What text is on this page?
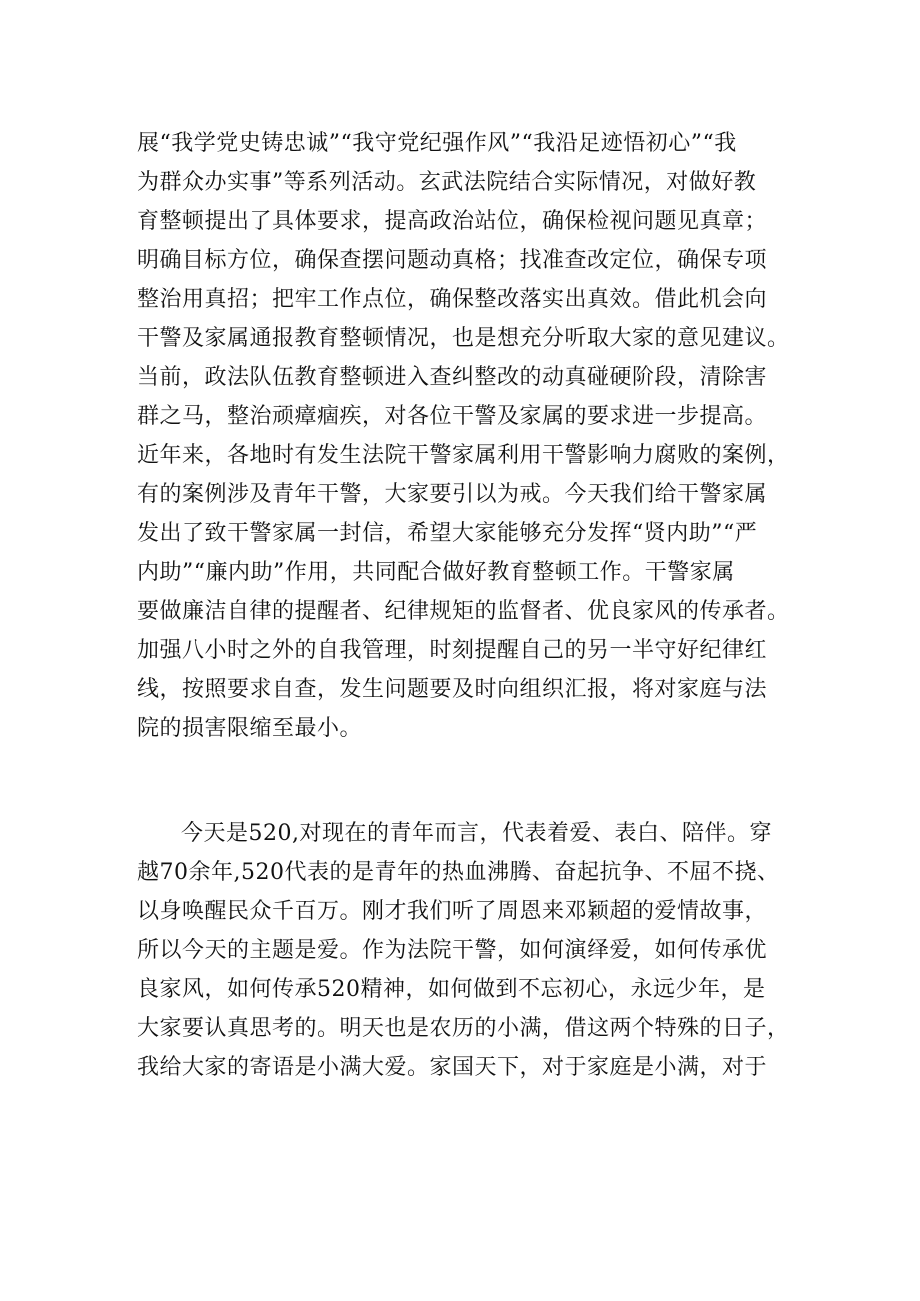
展“我学党史铸忠诚”“我守党纪强作风”“我沿足迹悟初心”“我
为群众办实事”等系列活动。玄武法院结合实际情况，对做好教
育整顿提出了具体要求，提高政治站位，确保检视问题见真章；
明确目标方位，确保查摆问题动真格；找准查改定位，确保专项
整治用真招；把牢工作点位，确保整改落实出真效。借此机会向
干警及家属通报教育整顿情况，也是想充分听取大家的意见建议。
当前，政法队伍教育整顿进入查纠整改的动真碰硬阶段，清除害
群之马，整治顽瘴痼疾，对各位干警及家属的要求进一步提高。
近年来，各地时有发生法院干警家属利用干警影响力腐败的案例，
有的案例涉及青年干警，大家要引以为戒。今天我们给干警家属
发出了致干警家属一封信，希望大家能够充分发挥“贤内助”“严
内助”“廉内助”作用，共同配合做好教育整顿工作。干警家属
要做廉洁自律的提醒者、纪律规矩的监督者、优良家风的传承者。
加强八小时之外的自我管理，时刻提醒自己的另一半守好纪律红
线，按照要求自查，发生问题要及时向组织汇报，将对家庭与法
院的损害限缩至最小。
今天是520,对现在的青年而言，代表着爱、表白、陪伴。穿
越70余年,520代表的是青年的热血沸腾、奋起抗争、不屈不挠、
以身唤醒民众千百万。刚才我们听了周恩来邓颖超的爱情故事，
所以今天的主题是爱。作为法院干警，如何演绎爱，如何传承优
良家风，如何传承520精神，如何做到不忘初心，永远少年，是
大家要认真思考的。明天也是农历的小满，借这两个特殊的日子，
我给大家的寄语是小满大爱。家国天下，对于家庭是小满，对于
